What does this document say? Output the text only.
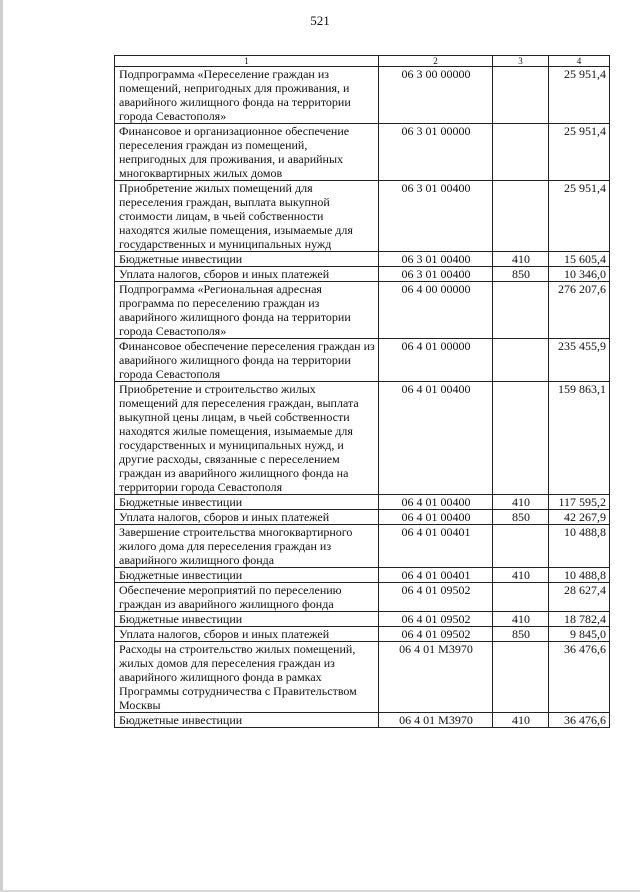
521
1	2	3	4
Подпрограмма «Переселение граждан из помещений, непригодных для проживания, и аварийного жилищного фонда на территории города Севастополя»	06 3 00 00000		25 951,4
Финансовое и организационное обеспечение переселения граждан из помещений, непригодных для проживания, и аварийных многоквартирных жилых домов	06 3 01 00000		25 951,4
Приобретение жилых помещений для переселения граждан, выплата выкупной стоимости лицам, в чьей собственности находятся жилые помещения, изымаемые для государственных и муниципальных нужд	06 3 01 00400		25 951,4
Бюджетные инвестиции	06 3 01 00400	410	15 605,4
Уплата налогов, сборов и иных платежей	06 3 01 00400	850	10 346,0
Подпрограмма «Региональная адресная программа по переселению граждан из аварийного жилищного фонда на территории города Севастополя»	06 4 00 00000		276 207,6
Финансовое обеспечение переселения граждан из аварийного жилищного фонда на территории города Севастополя	06 4 01 00000		235 455,9
Приобретение и строительство жилых помещений для переселения граждан, выплата выкупной цены лицам, в чьей собственности находятся жилые помещения, изымаемые для государственных и муниципальных нужд, и другие расходы, связанные с переселением граждан из аварийного жилищного фонда на территории города Севастополя	06 4 01 00400		159 863,1
Бюджетные инвестиции	06 4 01 00400	410	117 595,2
Уплата налогов, сборов и иных платежей	06 4 01 00400	850	42 267,9
Завершение строительства многоквартирного жилого дома для переселения граждан из аварийного жилищного фонда	06 4 01 00401		10 488,8
Бюджетные инвестиции	06 4 01 00401	410	10 488,8
Обеспечение мероприятий по переселению граждан из аварийного жилищного фонда	06 4 01 09502		28 627,4
Бюджетные инвестиции	06 4 01 09502	410	18 782,4
Уплата налогов, сборов и иных платежей	06 4 01 09502	850	9 845,0
Расходы на строительство жилых помещений, жилых домов для переселения граждан из аварийного жилищного фонда в рамках Программы сотрудничества с Правительством Москвы	06 4 01 М3970		36 476,6
Бюджетные инвестиции	06 4 01 М3970	410	36 476,6
